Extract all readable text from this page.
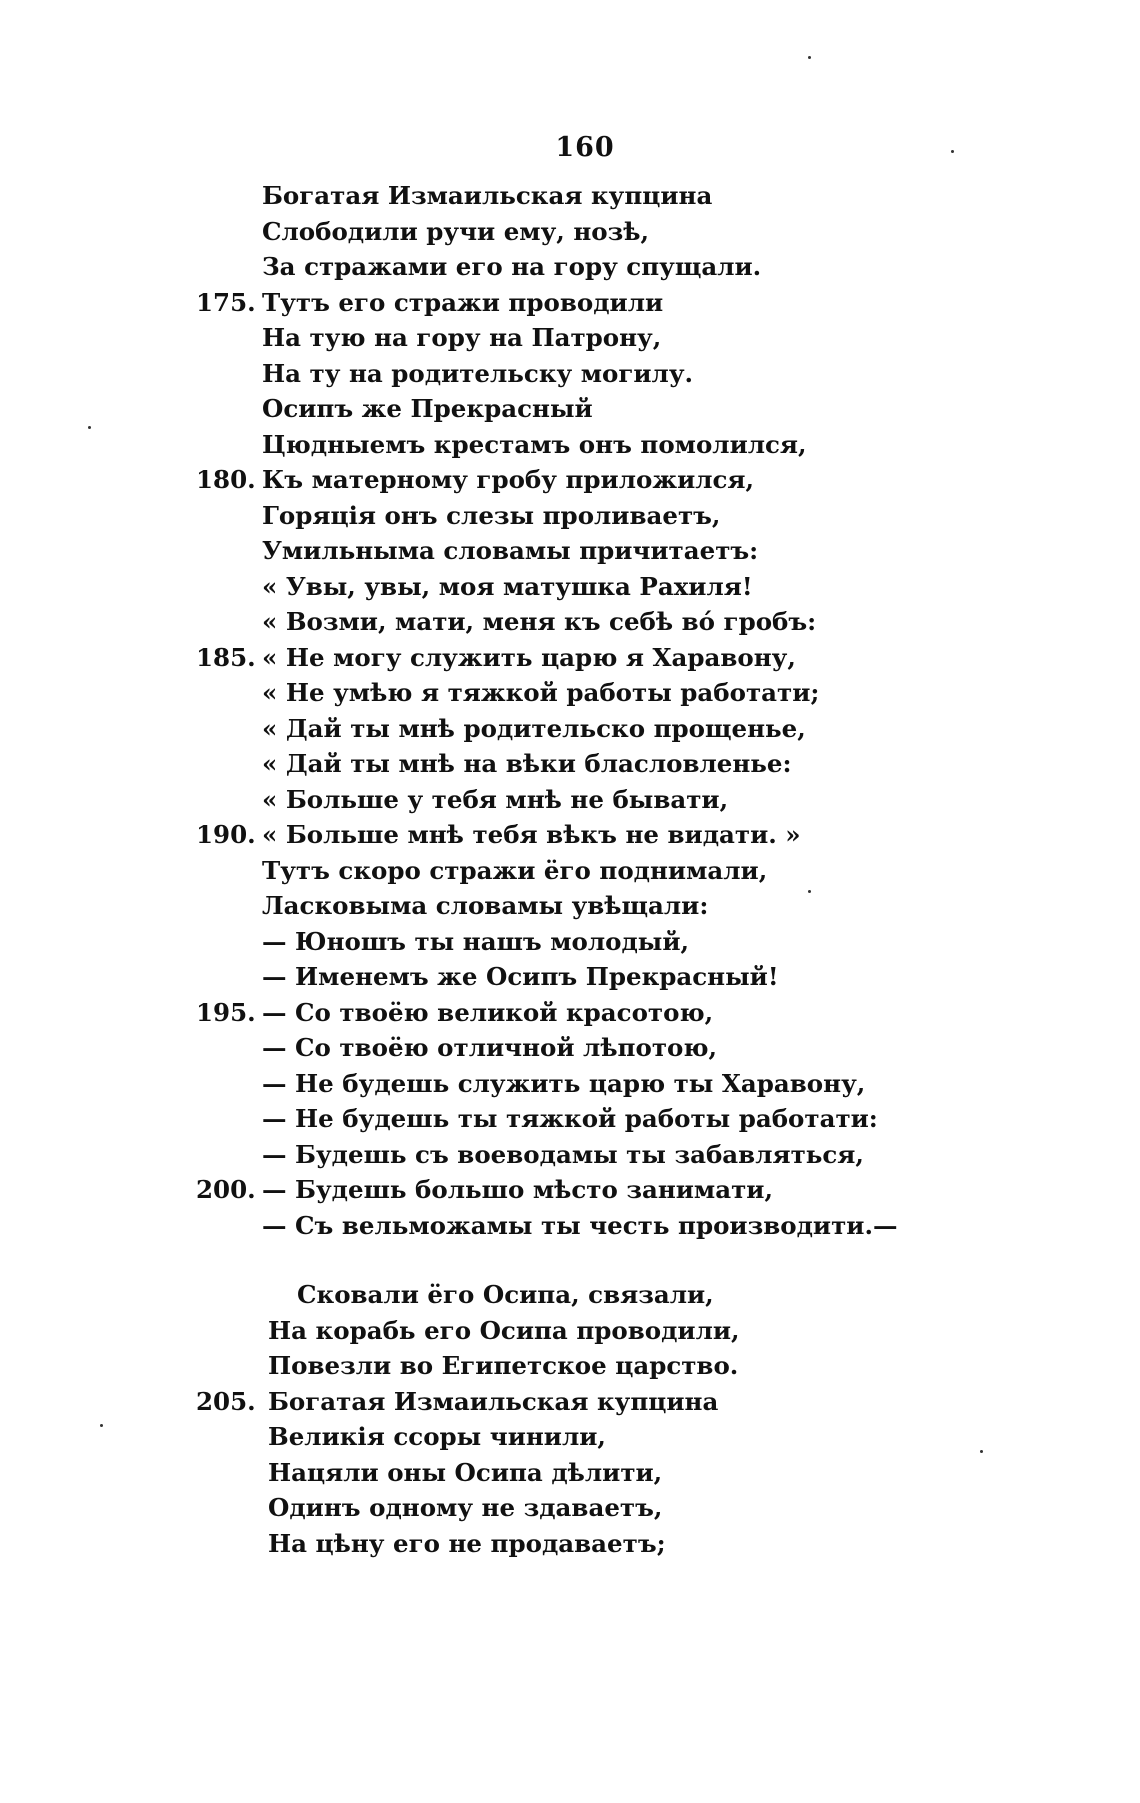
160
Богатая Измаильская купцина
Слободили ручи ему, нозѣ,
За стражами его на гору спущали.
175. Тутъ его стражи проводили
На тую на гору на Патрону,
На ту на родительску могилу.
Осипъ же Прекрасный
Цюдныемъ крестамъ онъ помолился,
180. Къ матерному гробу приложился,
Горяція онъ слезы проливаетъ,
Умильныма словамы причитаетъ:
« Увы, увы, моя матушка Рахиля!
« Возми, мати, меня къ себѣ вó гробъ:
185. « Не могу служить царю я Харавону,
« Не умѣю я тяжкой работы работати;
« Дай ты мнѣ родительско прощенье,
« Дай ты мнѣ на вѣки бласловленье:
« Больше у тебя мнѣ не бывати,
190. « Больше мнѣ тебя вѣкъ не видати. »
Тутъ скоро стражи ёго поднимали,
Ласковыма словамы увѣщали:
— Юношъ ты нашъ молодый,
— Именемъ же Осипъ Прекрасный!
195. — Со твоёю великой красотою,
— Со твоёю отличной лѣпотою,
— Не будешь служить царю ты Харавону,
— Не будешь ты тяжкой работы работати:
— Будешь съ воеводамы ты забавляться,
200. — Будешь большо мѣсто занимати,
— Съ вельможамы ты честь производити.—
Сковали ёго Осипа, связали,
На корабь его Осипа проводили,
Повезли во Египетское царство.
205. Богатая Измаильская купцина
Великія ссоры чинили,
Нацяли оны Осипа дѣлити,
Одинъ одному не здаваетъ,
На цѣну его не продаваетъ;
